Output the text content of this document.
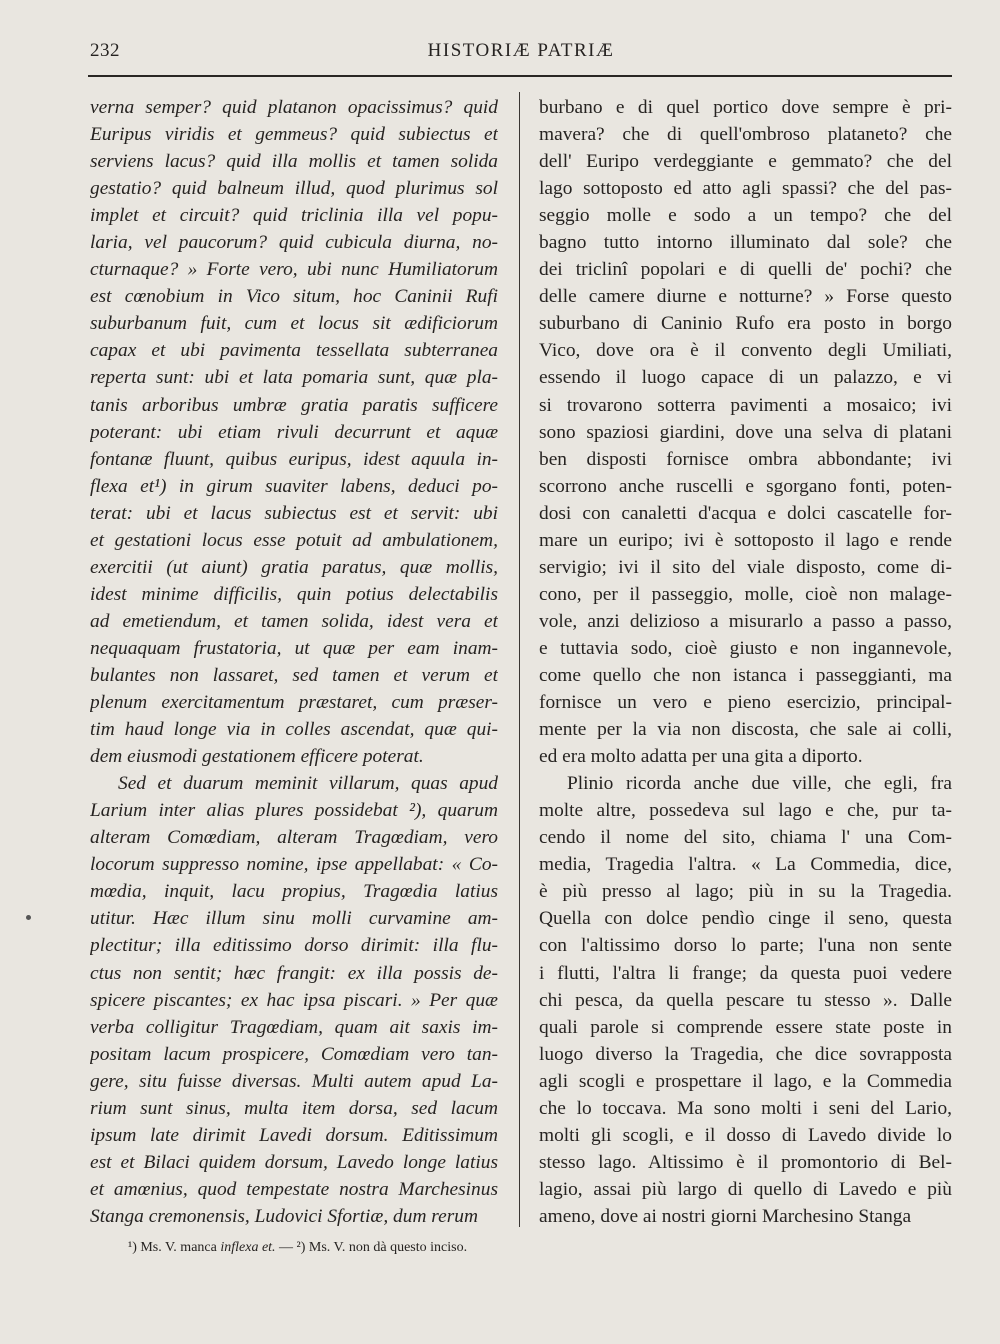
232	HISTORIÆ PATRIÆ
verna semper? quid platanon opacissimus? quid
Euripus viridis et gemmeus? quid subiectus et
serviens lacus? quid illa mollis et tamen solida
gestatio? quid balneum illud, quod plurimus sol
implet et circuit? quid triclinia illa vel popu-
laria, vel paucorum? quid cubicula diurna, no-
cturnaque? » Forte vero, ubi nunc Humiliatorum
est cœnobium in Vico situm, hoc Caninii Rufi
suburbanum fuit, cum et locus sit ædificiorum
capax et ubi pavimenta tessellata subterranea
reperta sunt: ubi et lata pomaria sunt, quæ pla-
tanis arboribus umbræ gratia paratis sufficere
poterant: ubi etiam rivuli decurrunt et aquæ
fontanæ fluunt, quibus euripus, idest aquula in-
flexa et¹) in girum suaviter labens, deduci po-
terat: ubi et lacus subiectus est et servit: ubi
et gestationi locus esse potuit ad ambulationem,
exercitii (ut aiunt) gratia paratus, quæ mollis,
idest minime difficilis, quin potius delectabilis
ad emetiendum, et tamen solida, idest vera et
nequaquam frustatoria, ut quæ per eam inam-
bulantes non lassaret, sed tamen et verum et
plenum exercitamentum præstaret, cum præser-
tim haud longe via in colles ascendat, quæ qui-
dem eiusmodi gestationem efficere poterat.
Sed et duarum meminit villarum, quas apud
Larium inter alias plures possidebat ²), quarum
alteram Comœdiam, alteram Tragœdiam, vero
locorum suppresso nomine, ipse appellabat: « Co-
mœdia, inquit, lacu propius, Tragœdia latius
utitur. Hæc illum sinu molli curvamine am-
plectitur; illa editissimo dorso dirimit: illa flu-
ctus non sentit; hæc frangit: ex illa possis de-
spicere piscantes; ex hac ipsa piscari. » Per quæ
verba colligitur Tragœdiam, quam ait saxis im-
positam lacum prospicere, Comœdiam vero tan-
gere, situ fuisse diversas. Multi autem apud La-
rium sunt sinus, multa item dorsa, sed lacum
ipsum late dirimit Lavedi dorsum. Editissimum
est et Bilaci quidem dorsum, Lavedo longe latius
et amœnius, quod tempestate nostra Marchesinus
Stanga cremonensis, Ludovici Sfortiæ, dum rerum
burbano e di quel portico dove sempre è pri-
mavera? che di quell'ombroso plataneto? che
dell' Euripo verdeggiante e gemmato? che del
lago sottoposto ed atto agli spassi? che del pas-
seggio molle e sodo a un tempo? che del
bagno tutto intorno illuminato dal sole? che
dei triclinî popolari e di quelli de' pochi? che
delle camere diurne e notturne? » Forse questo
suburbano di Caninio Rufo era posto in borgo
Vico, dove ora è il convento degli Umiliati,
essendo il luogo capace di un palazzo, e vi
si trovarono sotterra pavimenti a mosaico; ivi
sono spaziosi giardini, dove una selva di platani
ben disposti fornisce ombra abbondante; ivi
scorrono anche ruscelli e sgorgano fonti, poten-
dosi con canaletti d'acqua e dolci cascatelle for-
mare un euripo; ivi è sottoposto il lago e rende
servigio; ivi il sito del viale disposto, come di-
cono, per il passeggio, molle, cioè non malage-
vole, anzi delizioso a misurarlo a passo a passo,
e tuttavia sodo, cioè giusto e non ingannevole,
come quello che non istanca i passeggianti, ma
fornisce un vero e pieno esercizio, principal-
mente per la via non discosta, che sale ai colli,
ed era molto adatta per una gita a diporto.
Plinio ricorda anche due ville, che egli, fra
molte altre, possedeva sul lago e che, pur ta-
cendo il nome del sito, chiama l' una Com-
media, Tragedia l'altra. « La Commedia, dice,
è più presso al lago; più in su la Tragedia.
Quella con dolce pendìo cinge il seno, questa
con l'altissimo dorso lo parte; l'una non sente
i flutti, l'altra li frange; da questa puoi vedere
chi pesca, da quella pescare tu stesso ». Dalle
quali parole si comprende essere state poste in
luogo diverso la Tragedia, che dice sovrapposta
agli scogli e prospettare il lago, e la Commedia
che lo toccava. Ma sono molti i seni del Lario,
molti gli scogli, e il dosso di Lavedo divide lo
stesso lago. Altissimo è il promontorio di Bel-
lagio, assai più largo di quello di Lavedo e più
ameno, dove ai nostri giorni Marchesino Stanga
¹) Ms. V. manca inflexa et. — ²) Ms. V. non dà questo inciso.
